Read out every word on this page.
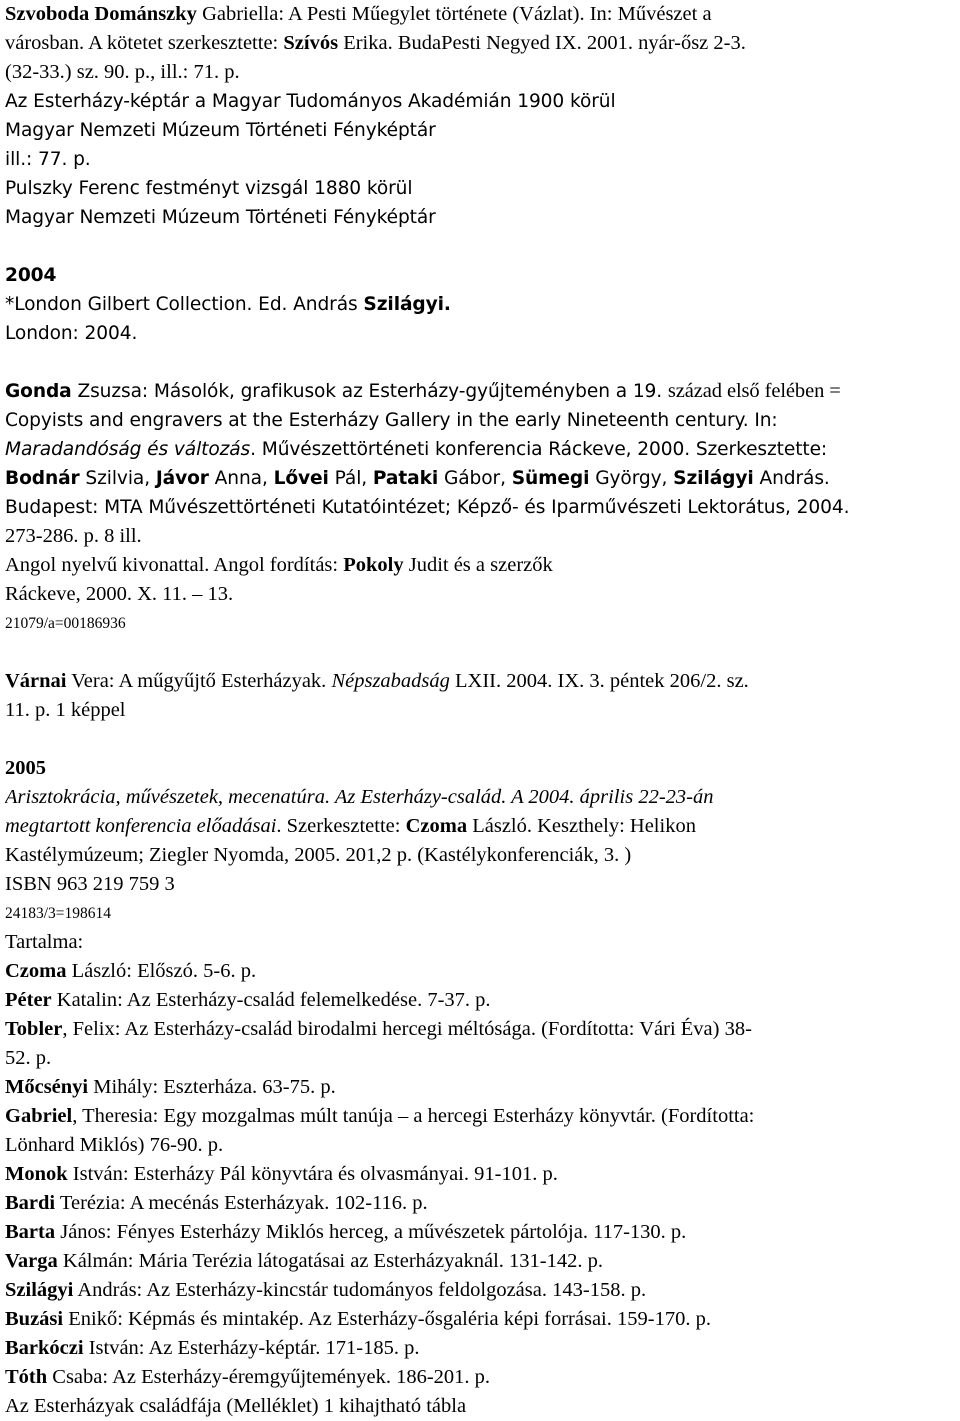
Szvoboda Dománszky Gabriella: A Pesti Műegylet története (Vázlat). In: Művészet a
városban. A kötetet szerkesztette: Szívós Erika. BudaPesti Negyed IX. 2001. nyár-ősz 2-3.
(32-33.) sz. 90. p., ill.: 71. p.
Az Esterházy-képtár a Magyar Tudományos Akadémián 1900 körül
Magyar Nemzeti Múzeum Történeti Fényképtár
ill.: 77. p.
Pulszky Ferenc festményt vizsgál 1880 körül
Magyar Nemzeti Múzeum Történeti Fényképtár
2004
*London Gilbert Collection. Ed. András Szilágyi.
London: 2004.
Gonda Zsuzsa: Másolók, grafikusok az Esterházy-gyűjteményben a 19. század első felében =
Copyists and engravers at the Esterházy Gallery in the early Nineteenth century. In:
Maradandóság és változás. Művészettörténeti konferencia Ráckeve, 2000. Szerkesztette:
Bodnár Szilvia, Jávor Anna, Lővei Pál, Pataki Gábor, Sümegi György, Szilágyi András.
Budapest: MTA Művészettörténeti Kutatóintézet; Képző- és Iparművészeti Lektorátus, 2004.
273-286. p. 8 ill.
Angol nyelvű kivonattal. Angol fordítás: Pokoly Judit és a szerzők
Ráckeve, 2000. X. 11. – 13.
21079/a=00186936
Várnai Vera: A műgyűjtő Esterházyak. Népszabadság LXII. 2004. IX. 3. péntek 206/2. sz.
11. p. 1 képpel
2005
Arisztokrácia, művészetek, mecenatúra. Az Esterházy-család. A 2004. április 22-23-án
megtartott konferencia előadásai. Szerkesztette: Czoma László. Keszthely: Helikon
Kastélymúzeum; Ziegler Nyomda, 2005. 201,2 p. (Kastélykonferenciák, 3. )
ISBN 963 219 759 3
24183/3=198614
Tartalma:
Czoma László: Előszó. 5-6. p.
Péter Katalin: Az Esterházy-család felemelkedése. 7-37. p.
Tobler, Felix: Az Esterházy-család birodalmi hercegi méltósága. (Fordította: Vári Éva) 38-
52. p.
Mőcsényi Mihály: Eszterháza. 63-75. p.
Gabriel, Theresia: Egy mozgalmas múlt tanúja – a hercegi Esterházy könyvtár. (Fordította:
Lönhard Miklós) 76-90. p.
Monok István: Esterházy Pál könyvtára és olvasmányai. 91-101. p.
Bardi Terézia: A mecénás Esterházyak. 102-116. p.
Barta János: Fényes Esterházy Miklós herceg, a művészetek pártolója. 117-130. p.
Varga Kálmán: Mária Terézia látogatásai az Esterházyaknál. 131-142. p.
Szilágyi András: Az Esterházy-kincstár tudományos feldolgozása. 143-158. p.
Buzási Enikő: Képmás és mintakép. Az Esterházy-ősgaléria képi forrásai. 159-170. p.
Barkóczi István: Az Esterházy-képtár. 171-185. p.
Tóth Csaba: Az Esterházy-éremgyűjtemények. 186-201. p.
Az Esterházyak családfája (Melléklet) 1 kihajtható tábla
